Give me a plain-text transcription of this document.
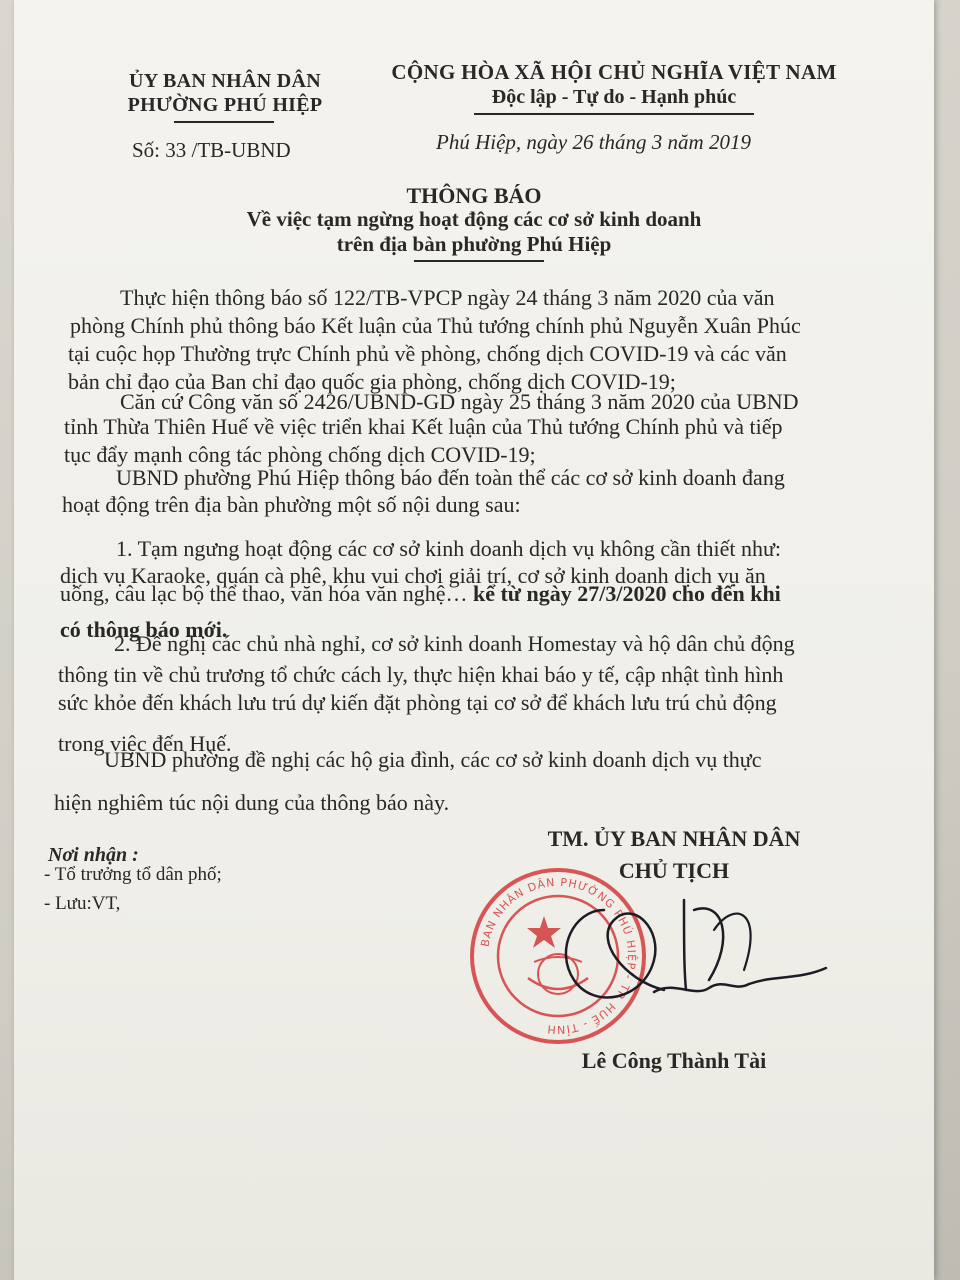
ỦY BAN NHÂN DÂN
PHƯỜNG PHÚ HIỆP
CỘNG HÒA XÃ HỘI CHỦ NGHĨA VIỆT NAM
Độc lập - Tự do - Hạnh phúc
Số: 33 /TB-UBND	Phú Hiệp, ngày 26 tháng 3 năm 2019
THÔNG BÁO
Về việc tạm ngừng hoạt động các cơ sở kinh doanh
trên địa bàn phường Phú Hiệp
Thực hiện thông báo số 122/TB-VPCP ngày 24 tháng 3 năm 2020 của văn
phòng Chính phủ thông báo Kết luận của Thủ tướng chính phủ Nguyễn Xuân Phúc
tại cuộc họp Thường trực Chính phủ về phòng, chống dịch COVID-19 và các văn
bản chỉ đạo của Ban chỉ đạo quốc gia phòng, chống dịch COVID-19;
Căn cứ Công văn số 2426/UBND-GD ngày 25 tháng 3 năm 2020 của UBND
tỉnh Thừa Thiên Huế về việc triển khai Kết luận của Thủ tướng Chính phủ và tiếp
tục đẩy mạnh công tác phòng chống dịch COVID-19;
UBND phường Phú Hiệp thông báo đến toàn thể các cơ sở kinh doanh đang
hoạt động trên địa bàn phường một số nội dung sau:
1. Tạm ngưng hoạt động các cơ sở kinh doanh dịch vụ không cần thiết như:
dịch vụ Karaoke, quán cà phê, khu vui chơi giải trí, cơ sở kinh doanh dịch vụ ăn
uống, câu lạc bộ thể thao, văn hóa văn nghệ… kể từ ngày 27/3/2020 cho đến khi
có thông báo mới.
2. Đề nghị các chủ nhà nghỉ, cơ sở kinh doanh Homestay và hộ dân chủ động
thông tin về chủ trương tổ chức cách ly, thực hiện khai báo y tế, cập nhật tình hình
sức khỏe đến khách lưu trú dự kiến đặt phòng tại cơ sở để khách lưu trú chủ động
trong việc đến Huế.
UBND phường đề nghị các hộ gia đình, các cơ sở kinh doanh dịch vụ thực
hiện nghiêm túc nội dung của thông báo này.
Nơi nhận :
- Tổ trưởng tổ dân phố;
- Lưu:VT,
TM. ỦY BAN NHÂN DÂN
CHỦ TỊCH
BAN NHÂN DÂN PHƯỜNG PHÚ HIỆP - TP. HUẾ - TỈNH
Lê Công Thành Tài
